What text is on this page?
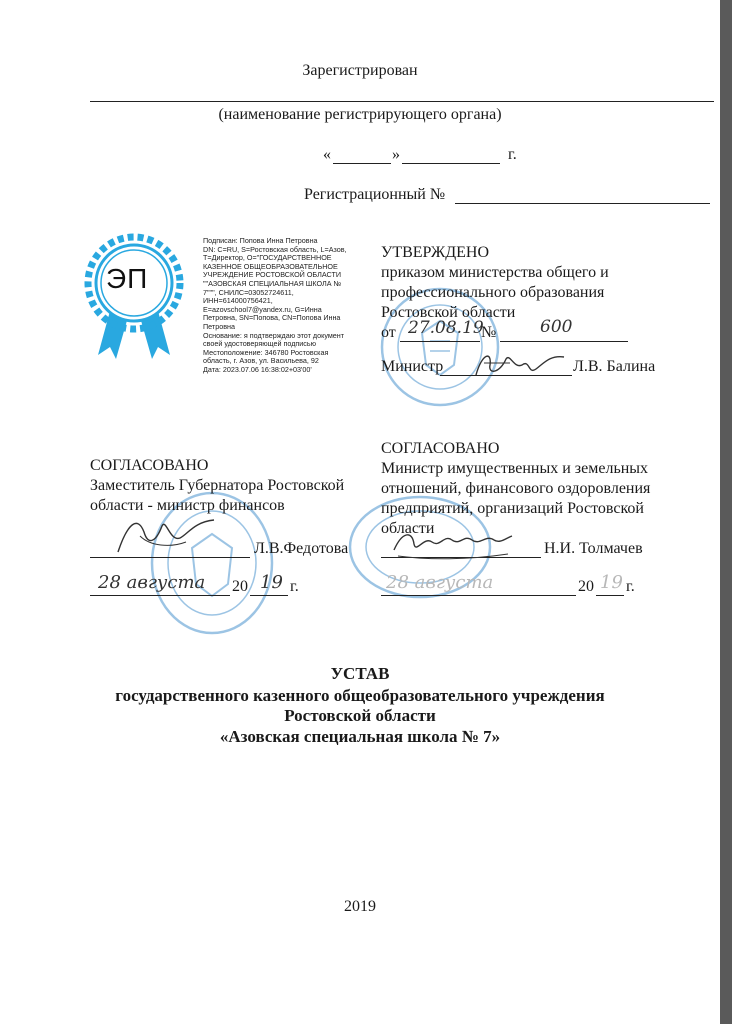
Зарегистрирован
(наименование регистрирующего органа)
«	»	г.
Регистрационный №
ЭП
Подписан: Попова Инна Петровна
DN: C=RU, S=Ростовская область, L=Азов,
T=Директор, O="ГОСУДАРСТВЕННОЕ
КАЗЕННОЕ ОБЩЕОБРАЗОВАТЕЛЬНОЕ
УЧРЕЖДЕНИЕ РОСТОВСКОЙ ОБЛАСТИ
""АЗОВСКАЯ СПЕЦИАЛЬНАЯ ШКОЛА №
7""", СНИЛС=03052724611,
ИНН=614000756421,
E=azovschool7@yandex.ru, G=Инна
Петровна, SN=Попова, CN=Попова Инна
Петровна
Основание: я подтверждаю этот документ
своей удостоверяющей подписью
Местоположение: 346780 Ростовская
область, г. Азов, ул. Васильева, 92
Дата: 2023.07.06 16:38:02+03'00'
УТВЕРЖДЕНО
приказом министерства общего и
профессионального образования
Ростовской области
от 27.08.19
№	600
Министр	Л.В. Балина
СОГЛАСОВАНО
Заместитель Губернатора Ростовской
области - министр финансов
Л.В.Федотова
28 августа 20 19 г.
СОГЛАСОВАНО
Министр имущественных и земельных
отношений, финансового оздоровления
предприятий, организаций Ростовской
области
Н.И. Толмачев
28 августа	20 19 г.
УСТАВ
государственного казенного общеобразовательного учреждения
Ростовской области
«Азовская специальная школа № 7»
2019
